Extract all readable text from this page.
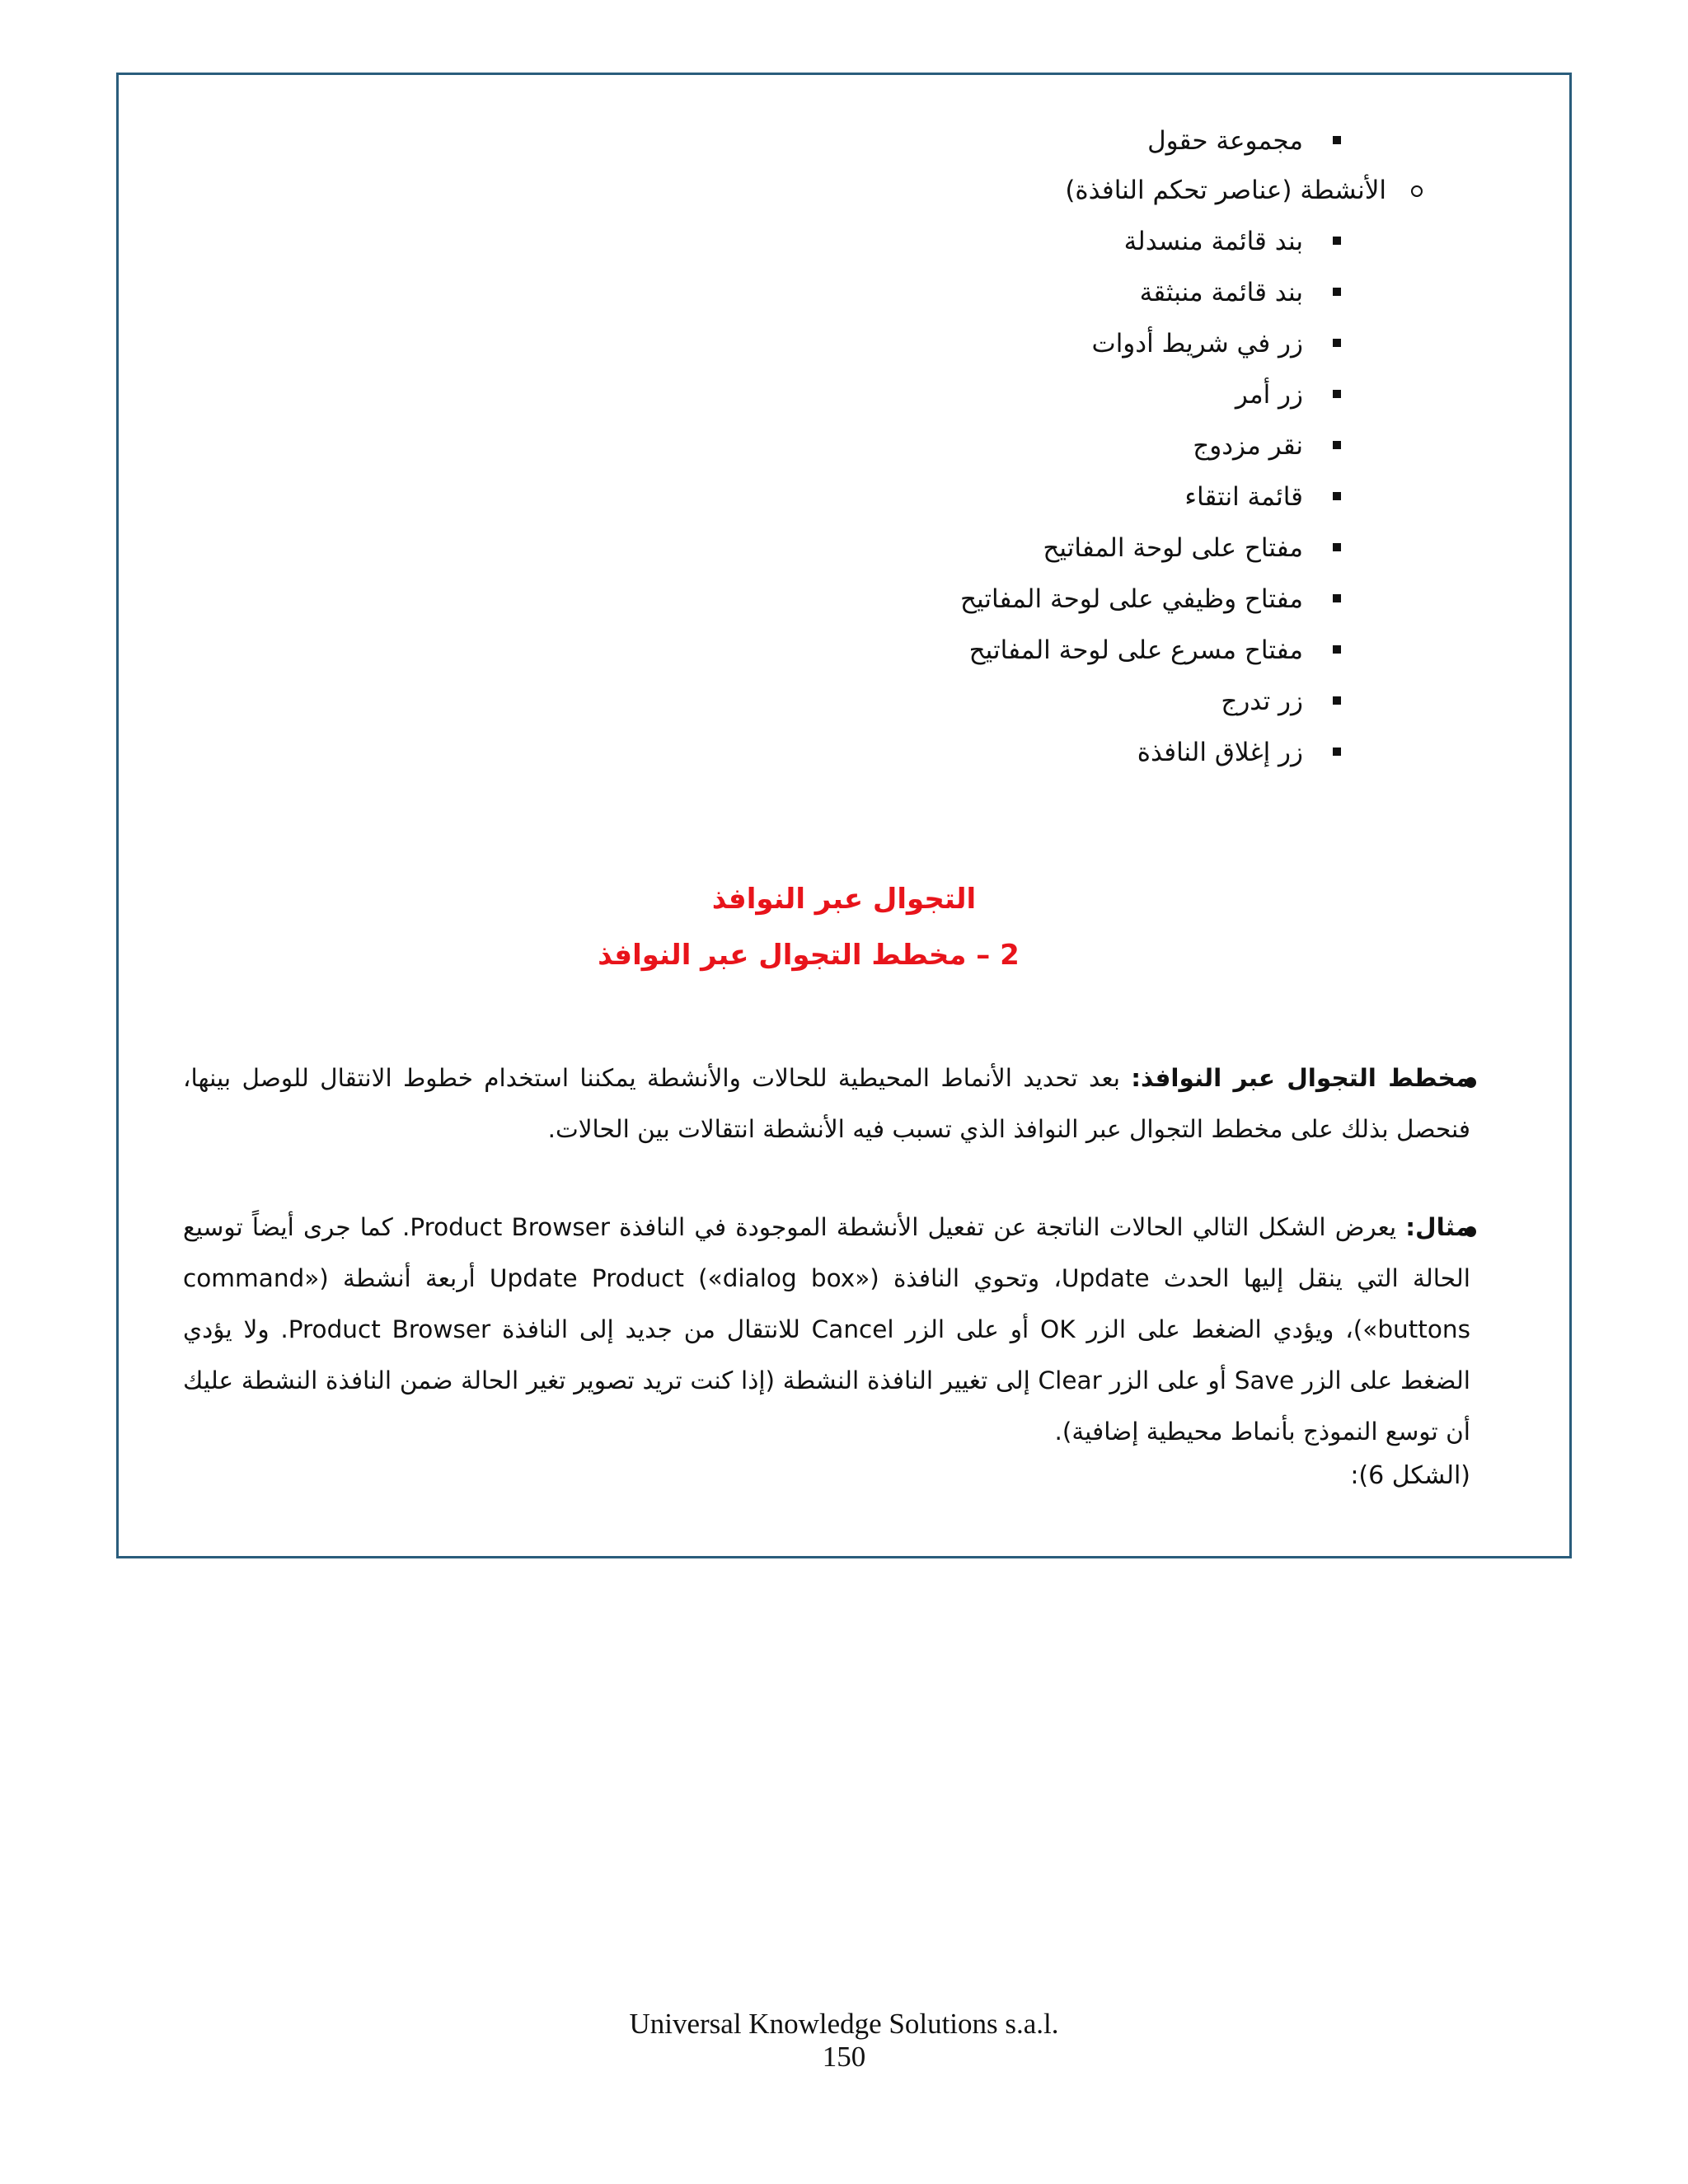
مجموعة حقول
الأنشطة (عناصر تحكم النافذة)
التجوال عبر النوافذ
2 – مخطط التجوال عبر النوافذ
مخطط التجوال عبر النوافذ: بعد تحديد الأنماط المحيطية للحالات والأنشطة يمكننا استخدام خطوط الانتقال للوصل بينها، فنحصل بذلك على مخطط التجوال عبر النوافذ الذي تسبب فيه الأنشطة انتقالات بين الحالات.
مثال: يعرض الشكل التالي الحالات الناتجة عن تفعيل الأنشطة الموجودة في النافذة Product Browser. كما جرى أيضاً توسيع الحالة التي ينقل إليها الحدث Update، وتحوي النافذة Update Product («dialog box») أربعة أنشطة («command buttons»)، ويؤدي الضغط على الزر OK أو على الزر Cancel للانتقال من جديد إلى النافذة Product Browser. ولا يؤدي الضغط على الزر Save أو على الزر Clear إلى تغيير النافذة النشطة (إذا كنت تريد تصوير تغير الحالة ضمن النافذة النشطة عليك أن توسع النموذج بأنماط محيطية إضافية).
(الشكل 6):
بند قائمة منسدلة
بند قائمة منبثقة
زر في شريط أدوات
زر أمر
نقر مزدوج
قائمة انتقاء
مفتاح على لوحة المفاتيح
مفتاح وظيفي على لوحة المفاتيح
مفتاح مسرع على لوحة المفاتيح
زر تدرج
زر إغلاق النافذة
Universal Knowledge Solutions s.a.l.
150
